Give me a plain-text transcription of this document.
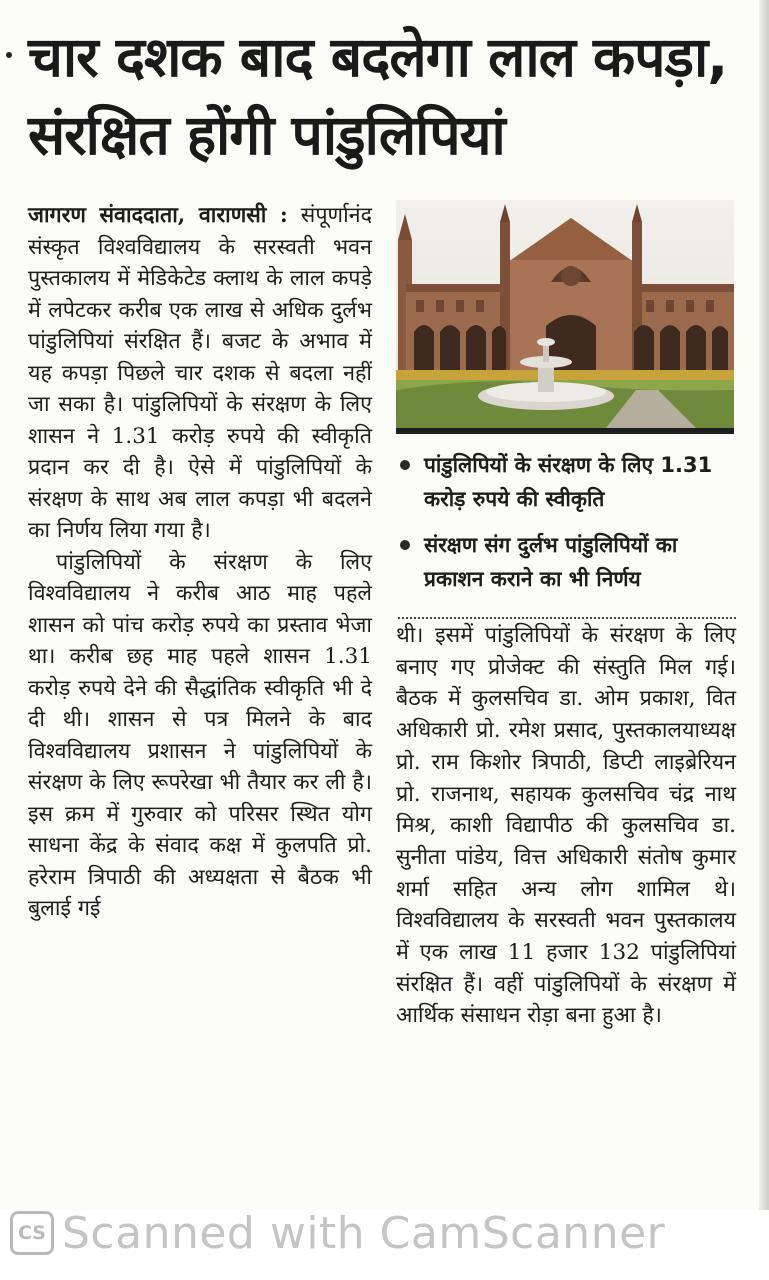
चार दशक बाद बदलेगा लाल कपड़ा, संरक्षित होंगी पांडुलिपियां

जागरण संवाददाता, वाराणसी : संपूर्णानंद संस्कृत विश्वविद्यालय के सरस्वती भवन पुस्तकालय में मेडिकेटेड क्लाथ के लाल कपड़े में लपेटकर करीब एक लाख से अधिक दुर्लभ पांडुलिपियां संरक्षित हैं। बजट के अभाव में यह कपड़ा पिछले चार दशक से बदला नहीं जा सका है। पांडुलिपियों के संरक्षण के लिए शासन ने 1.31 करोड़ रुपये की स्वीकृति प्रदान कर दी है। ऐसे में पांडुलिपियों के संरक्षण के साथ अब लाल कपड़ा भी बदलने का निर्णय लिया गया है।

पांडुलिपियों के संरक्षण के लिए विश्वविद्यालय ने करीब आठ माह पहले शासन को पांच करोड़ रुपये का प्रस्ताव भेजा था। करीब छह माह पहले शासन 1.31 करोड़ रुपये देने की सैद्धांतिक स्वीकृति भी दे दी थी। शासन से पत्र मिलने के बाद विश्वविद्यालय प्रशासन ने पांडुलिपियों के संरक्षण के लिए रूपरेखा भी तैयार कर ली है। इस क्रम में गुरुवार को परिसर स्थित योग साधना केंद्र के संवाद कक्ष में कुलपति प्रो. हरेराम त्रिपाठी की अध्यक्षता से बैठक भी बुलाई गई

पांडुलिपियों के संरक्षण के लिए 1.31 करोड़ रुपये की स्वीकृति
संरक्षण संग दुर्लभ पांडुलिपियों का प्रकाशन कराने का भी निर्णय

थी। इसमें पांडुलिपियों के संरक्षण के लिए बनाए गए प्रोजेक्ट की संस्तुति मिल गई। बैठक में कुलसचिव डा. ओम प्रकाश, वित अधिकारी प्रो. रमेश प्रसाद, पुस्तकालयाध्यक्ष प्रो. राम किशोर त्रिपाठी, डिप्टी लाइब्रेरियन प्रो. राजनाथ, सहायक कुलसचिव चंद्र नाथ मिश्र, काशी विद्यापीठ की कुलसचिव डा. सुनीता पांडेय, वित्त अधिकारी संतोष कुमार शर्मा सहित अन्य लोग शामिल थे। विश्वविद्यालय के सरस्वती भवन पुस्तकालय में एक लाख 11 हजार 132 पांडुलिपियां संरक्षित हैं। वहीं पांडुलिपियों के संरक्षण में आर्थिक संसाधन रोड़ा बना हुआ है।

CS Scanned with CamScanner
